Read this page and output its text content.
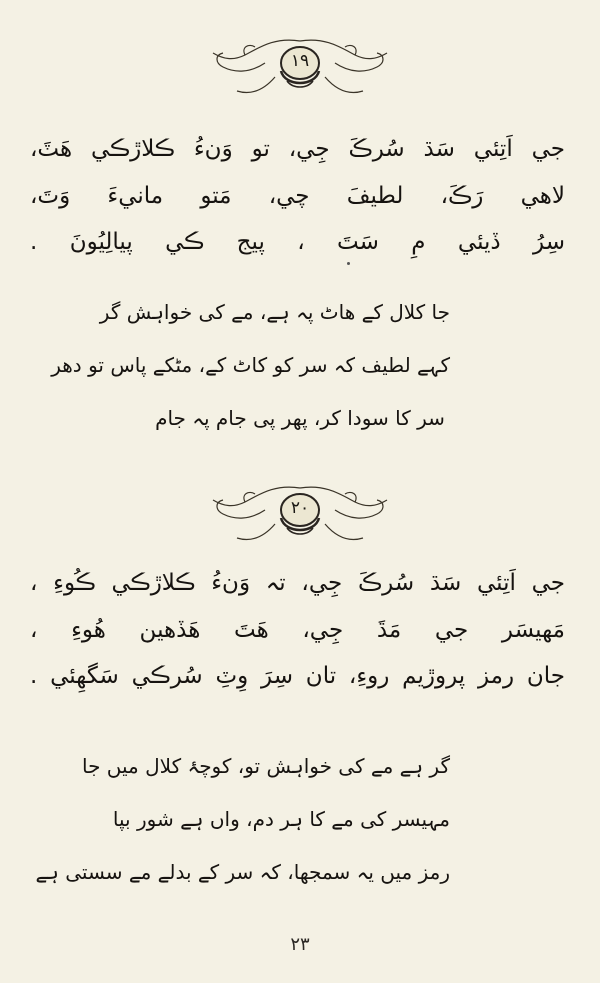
١٩
جي اَتِئي سَڌ سُرڪَ جِي، تو وَنءُ ڪلاڙڪي هَٽَ،
لاهي رَڪَ، لطيفَ چي، مَتو مانيءَ وَتَ،
سِرُ ڏيئي مِ سَتَ ، پيج ڪي پيالِيُونَ .
جا کلال کے ھاٹ پہ ہے، مے کی خواہش گر
کہے لطیف کہ سر کو کاٹ کے، مٹکے پاس تو دھر
سر کا سودا کر، پھر پی جام پہ جام
٢٠
جي اَتِئي سَڌ سُرڪَ جِي، تہ وَنءُ ڪلاڙڪي ڪُوءِ ،
مَهيسَر جي مَڌَ جِي، هَتَ هَڏهين هُوءِ ،
جان رمز پروڙيم روءِ، تان سِرَ وِٽِ سُرڪي سَگهِئي .
گر ہے مے کی خواہش تو، کوچۂ کلال میں جا
مہیسر کی مے کا ہر دم، واں ہے شور بپا
رمز میں یہ سمجھا، کہ سر کے بدلے مے سستی ہے
٢٣
